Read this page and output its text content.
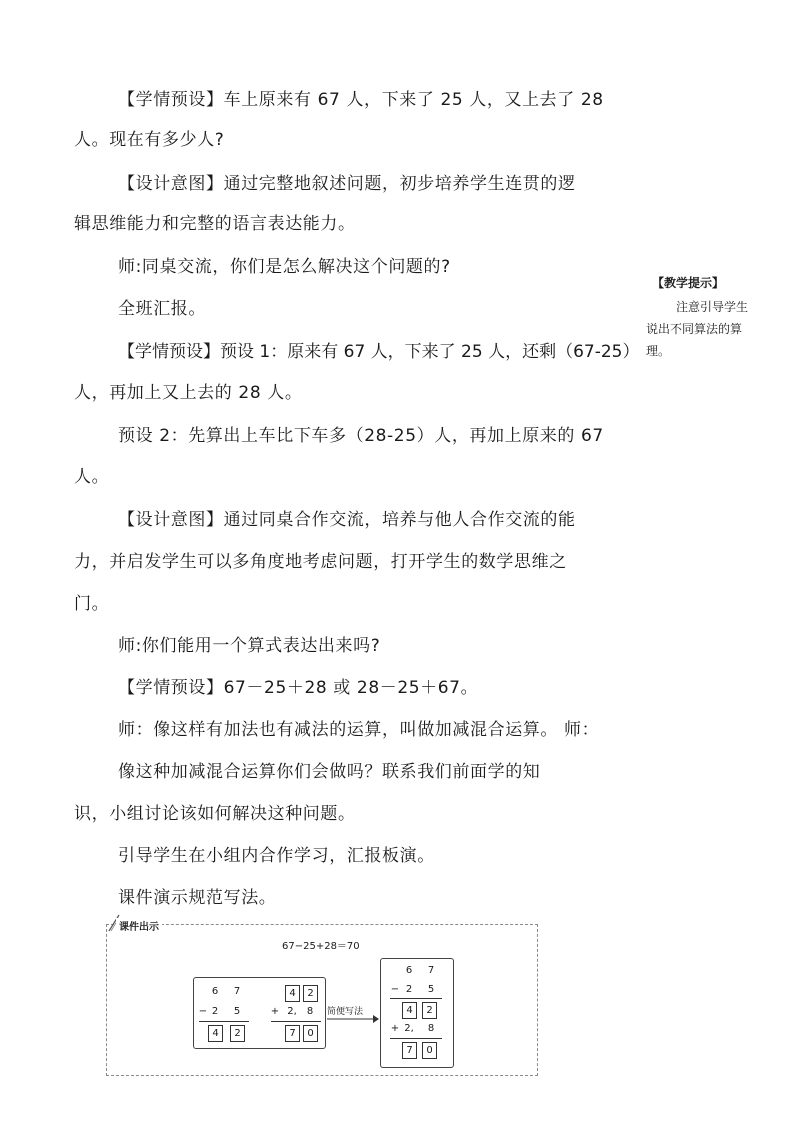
【学情预设】车上原来有 67 人，下来了 25 人，又上去了 28
人。现在有多少人?
【设计意图】通过完整地叙述问题，初步培养学生连贯的逻
辑思维能力和完整的语言表达能力。
师:同桌交流，你们是怎么解决这个问题的?
全班汇报。
【学情预设】预设 1：原来有 67 人，下来了 25 人，还剩（67-25）
人，再加上又上去的 28 人。
预设 2：先算出上车比下车多（28-25）人，再加上原来的 67
人。
【设计意图】通过同桌合作交流，培养与他人合作交流的能
力，并启发学生可以多角度地考虑问题，打开学生的数学思维之
门。
师:你们能用一个算式表达出来吗?
【学情预设】67－25＋28 或 28－25＋67。
师：像这样有加法也有减法的运算，叫做加减混合运算。 师：
像这种加减混合运算你们会做吗？联系我们前面学的知
识，小组讨论该如何解决这种问题。
引导学生在小组内合作学习，汇报板演。
课件演示规范写法。
【教学提示】
注意引导学生
说出不同算法的算
理。
课件出示
67−25+28＝70
6	7
− 2	5
4	2
4	2
+ 2,	8
7	0
简便写法
6	7
− 2	5
4	2
+ 2,	8
7	0
